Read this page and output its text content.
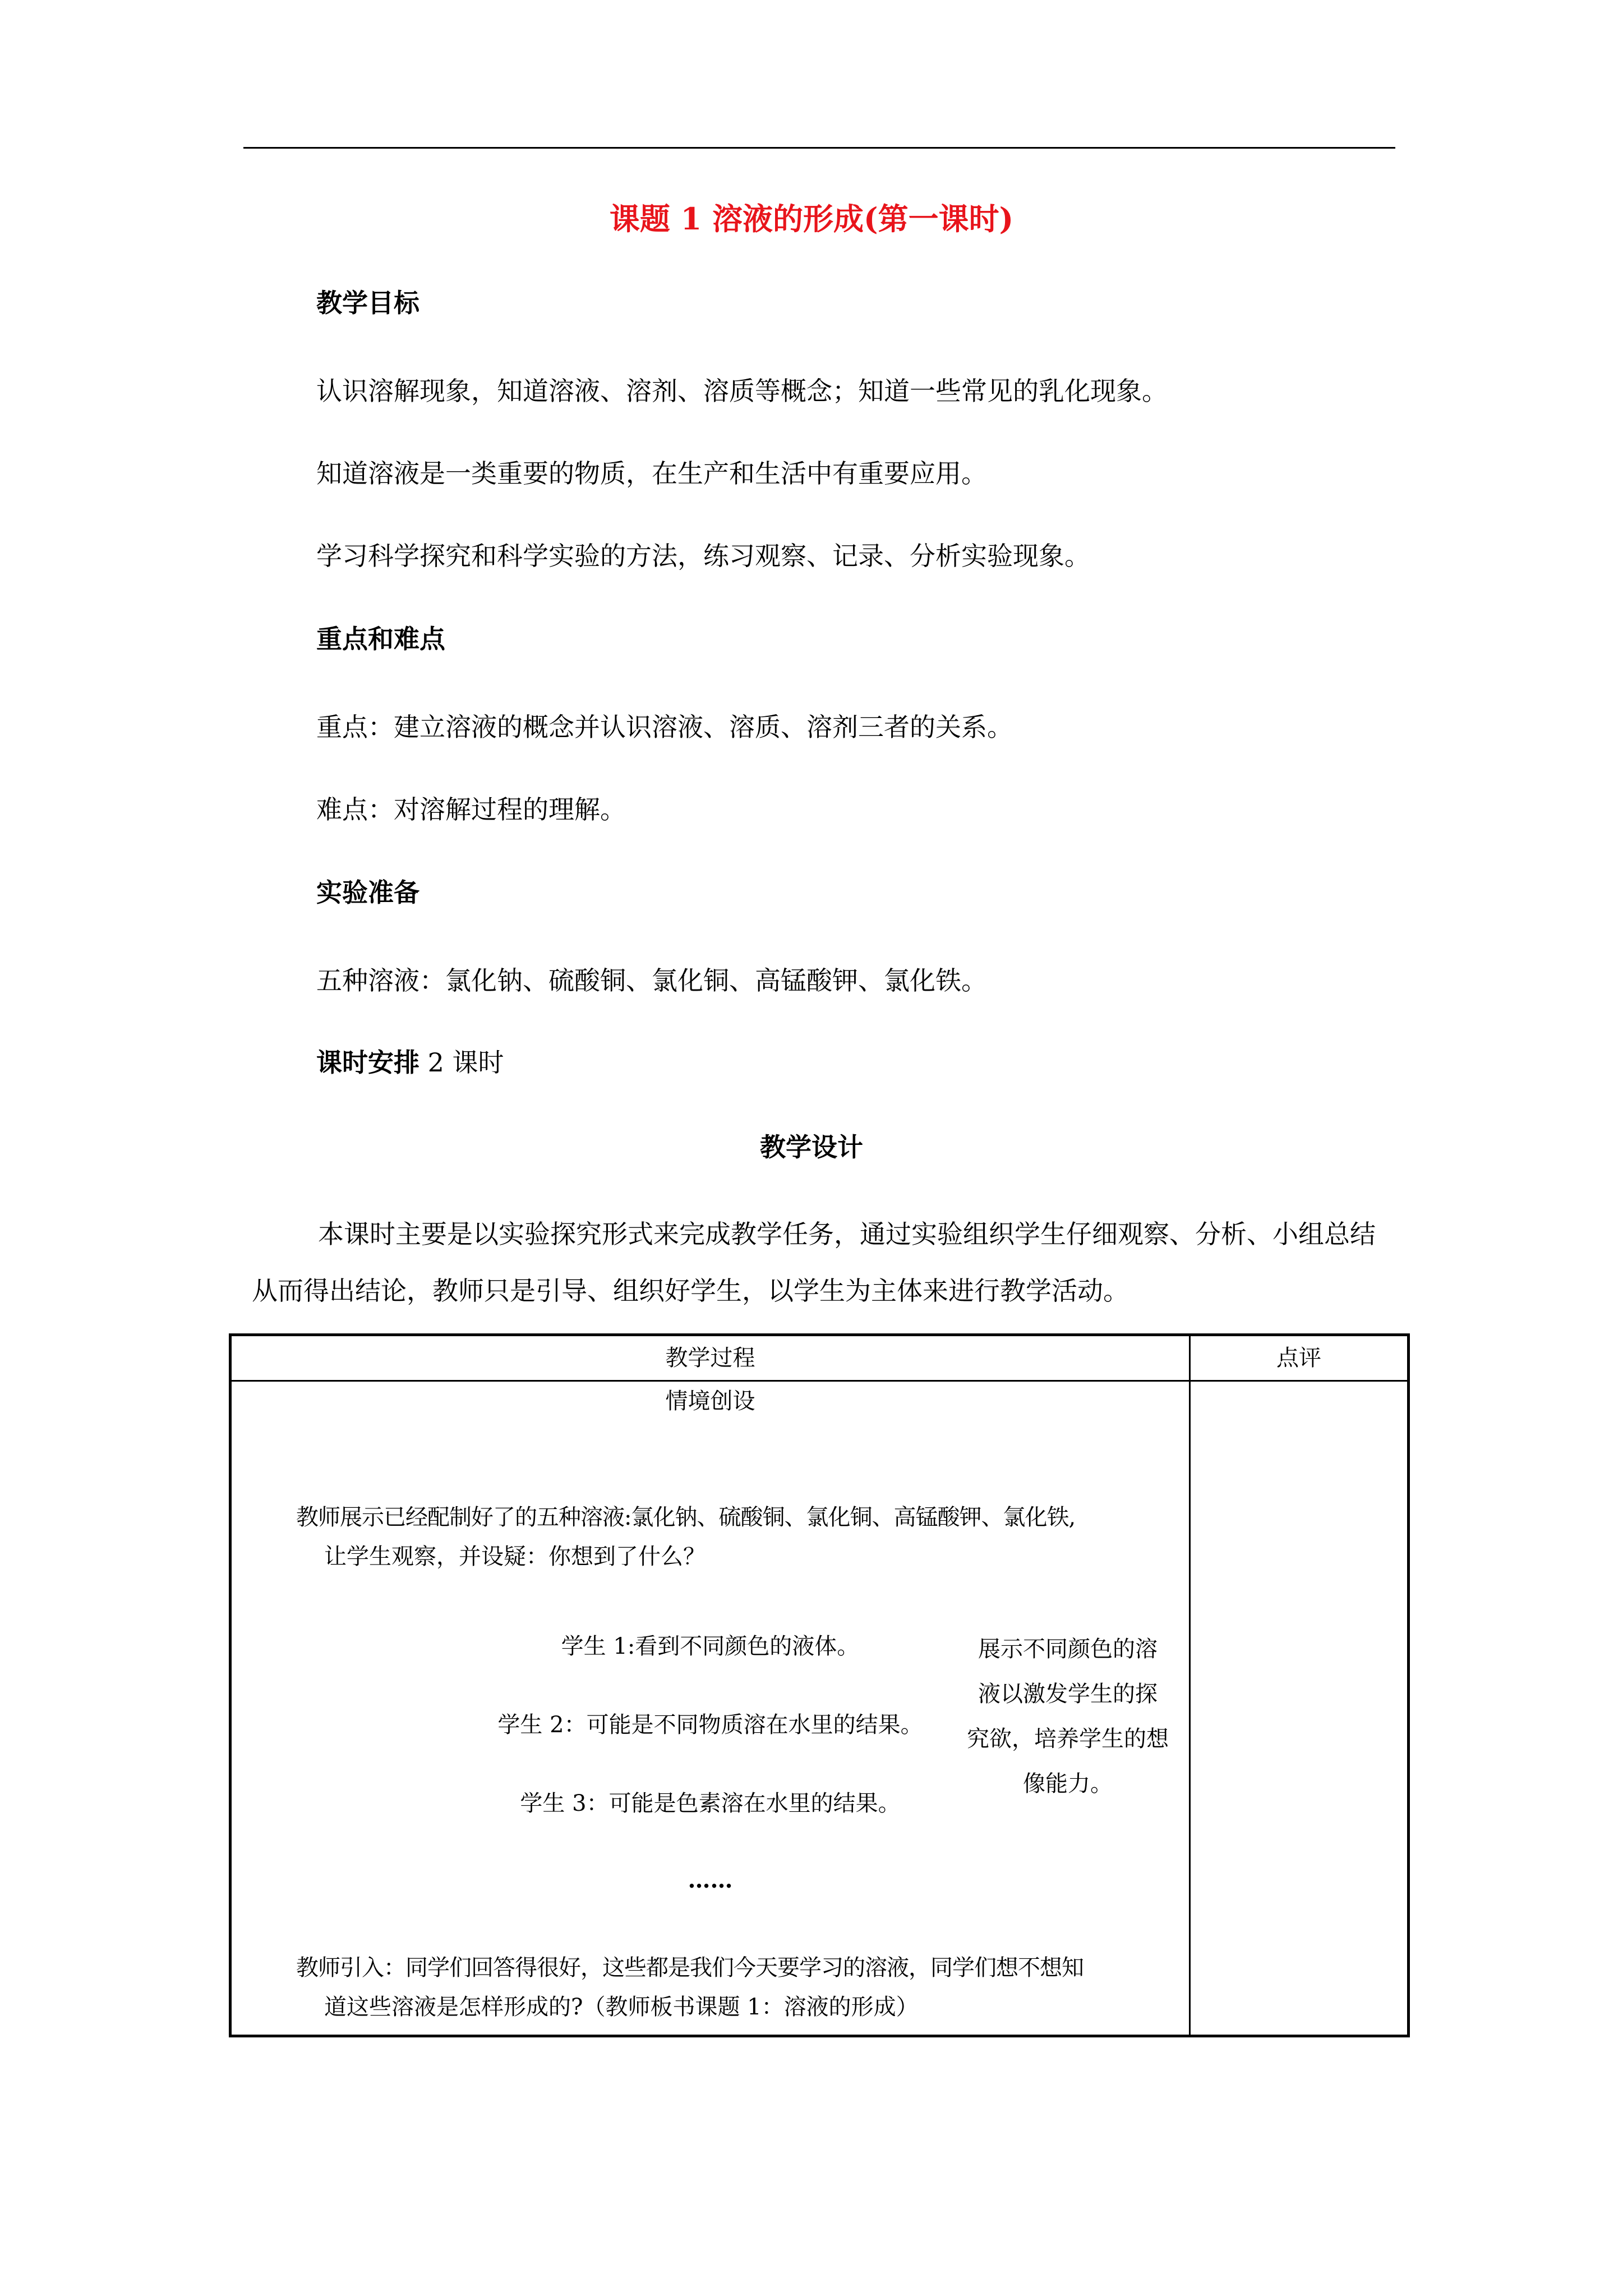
课题 1 溶液的形成(第一课时)
教学目标
认识溶解现象，知道溶液、溶剂、溶质等概念；知道一些常见的乳化现象。
知道溶液是一类重要的物质，在生产和生活中有重要应用。
学习科学探究和科学实验的方法，练习观察、记录、分析实验现象。
重点和难点
重点：建立溶液的概念并认识溶液、溶质、溶剂三者的关系。
难点：对溶解过程的理解。
实验准备
五种溶液：氯化钠、硫酸铜、氯化铜、高锰酸钾、氯化铁。
课时安排 2 课时
教学设计
本课时主要是以实验探究形式来完成教学任务，通过实验组织学生仔细观察、分析、小组总结从而得出结论，教师只是引导、组织好学生，以学生为主体来进行教学活动。
教学过程	点评
情境创设
教师展示已经配制好了的五种溶液:氯化钠、硫酸铜、氯化铜、高锰酸钾、氯化铁,
让学生观察，并设疑：你想到了什么？
学生 1:看到不同颜色的液体。
学生 2：可能是不同物质溶在水里的结果。
学生 3：可能是色素溶在水里的结果。
……
教师引入：同学们回答得很好，这些都是我们今天要学习的溶液，同学们想不想知
道这些溶液是怎样形成的?（教师板书课题 1：溶液的形成）
展示不同颜色的溶
液以激发学生的探
究欲，培养学生的想
像能力。
